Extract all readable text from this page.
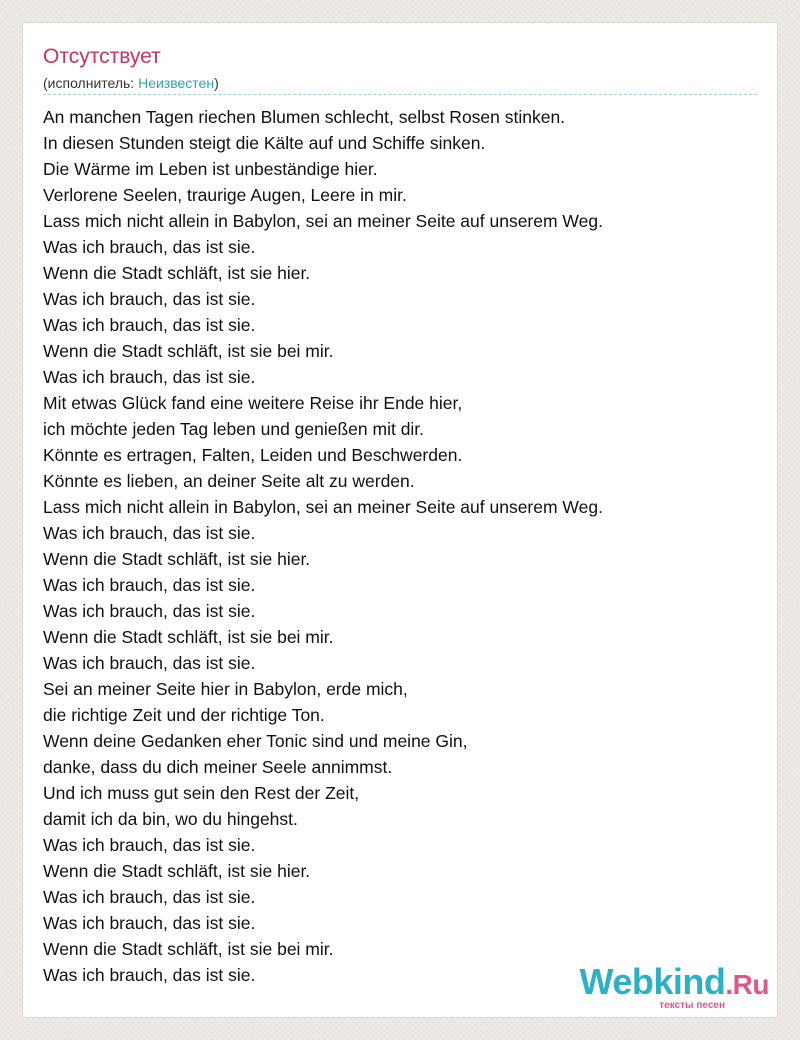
Отсутствует
(исполнитель: Неизвестен)
An manchen Tagen riechen Blumen schlecht, selbst Rosen stinken.
In diesen Stunden steigt die Kälte auf und Schiffe sinken.
Die Wärme im Leben ist unbeständige hier.
Verlorene Seelen, traurige Augen, Leere in mir.
Lass mich nicht allein in Babylon, sei an meiner Seite auf unserem Weg.
Was ich brauch, das ist sie.
Wenn die Stadt schläft, ist sie hier.
Was ich brauch, das ist sie.
Was ich brauch, das ist sie.
Wenn die Stadt schläft, ist sie bei mir.
Was ich brauch, das ist sie.
Mit etwas Glück fand eine weitere Reise ihr Ende hier,
ich möchte jeden Tag leben und genießen mit dir.
Könnte es ertragen, Falten, Leiden und Beschwerden.
Könnte es lieben, an deiner Seite alt zu werden.
Lass mich nicht allein in Babylon, sei an meiner Seite auf unserem Weg.
Was ich brauch, das ist sie.
Wenn die Stadt schläft, ist sie hier.
Was ich brauch, das ist sie.
Was ich brauch, das ist sie.
Wenn die Stadt schläft, ist sie bei mir.
Was ich brauch, das ist sie.
Sei an meiner Seite hier in Babylon, erde mich,
die richtige Zeit und der richtige Ton.
Wenn deine Gedanken eher Tonic sind und meine Gin,
danke, dass du dich meiner Seele annimmst.
Und ich muss gut sein den Rest der Zeit,
damit ich da bin, wo du hingehst.
Was ich brauch, das ist sie.
Wenn die Stadt schläft, ist sie hier.
Was ich brauch, das ist sie.
Was ich brauch, das ist sie.
Wenn die Stadt schläft, ist sie bei mir.
Was ich brauch, das ist sie.	Webkind.Ru
тексты песен
